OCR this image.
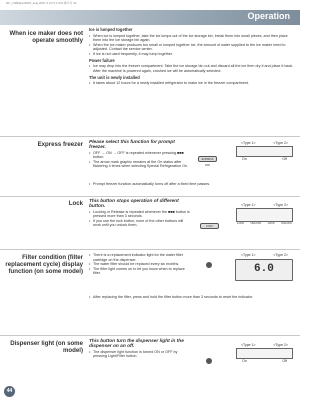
RF_LSBDE14W0Z_Eng 2007.2.23 5:1 PM 페이지 44
Operation
When ice maker does not operate smoothly
Ice is lumped together
• When ice is lumped together, take the ice lumps out of the ice storage bin, break them into small pieces, and then place them into the ice storage bin again.
• When the ice maker produces too small or lumped together ice, the amount of water supplied to the ice maker need to adjusted. Contact the service center.
• If ice is not used frequently, it may lump together.
Power failure
• Ice may drop into the freezer compartment. Take the ice storage bin out and discard all the ice then dry it and place it back. After the machine is powered again, crushed ice will be automatically selected.
The unit is newly installed
• It takes about 12 hours for a newly installed refrigerator to make ice in the freezer compartment.
Express freezer Please select this function for prompt freezer.
• OFF → ON → OFF is repeated whenever pressing ■■■ button.
• The arrow mark graphic remains at the On status after flickering 4 times when selecting Special Refrigeration On.
EXPRESS FRZ
<Type 1>	<Type 2>
On	Off
• Prompt freezer function automatically turns off after a fixed time passes.
Lock This button stops operation of different button.
• Locking or Release is repeated whenever the ■■■ button is pressed more than 3 seconds.
• If you use the lock button, none of the other buttons will work until you unlock them.	LOCK
<Type 1>	<Type 2>
LOCK UNLOCK LOCK UNLOCK
Filter condition (filter replacement cycle) display function (on some model)
• There is a replacement indicator light for the water filter cartridge on the dispenser.
• The water filter should be replaced every six months.
• The filter light comes on to let you know when to replace filter.
<Type 1>	<Type 2>
6.0
• After replacing the filter, press and hold the filter button more than 3 seconds to reset the indicator.
Dispenser light (on some model)
This button turn the dispenser light in the dispenser on an off.
• The dispenser light function is turned ON or OFF by pressing Light/Filter button.
<Type 1>	<Type 2>
On	Off
44
